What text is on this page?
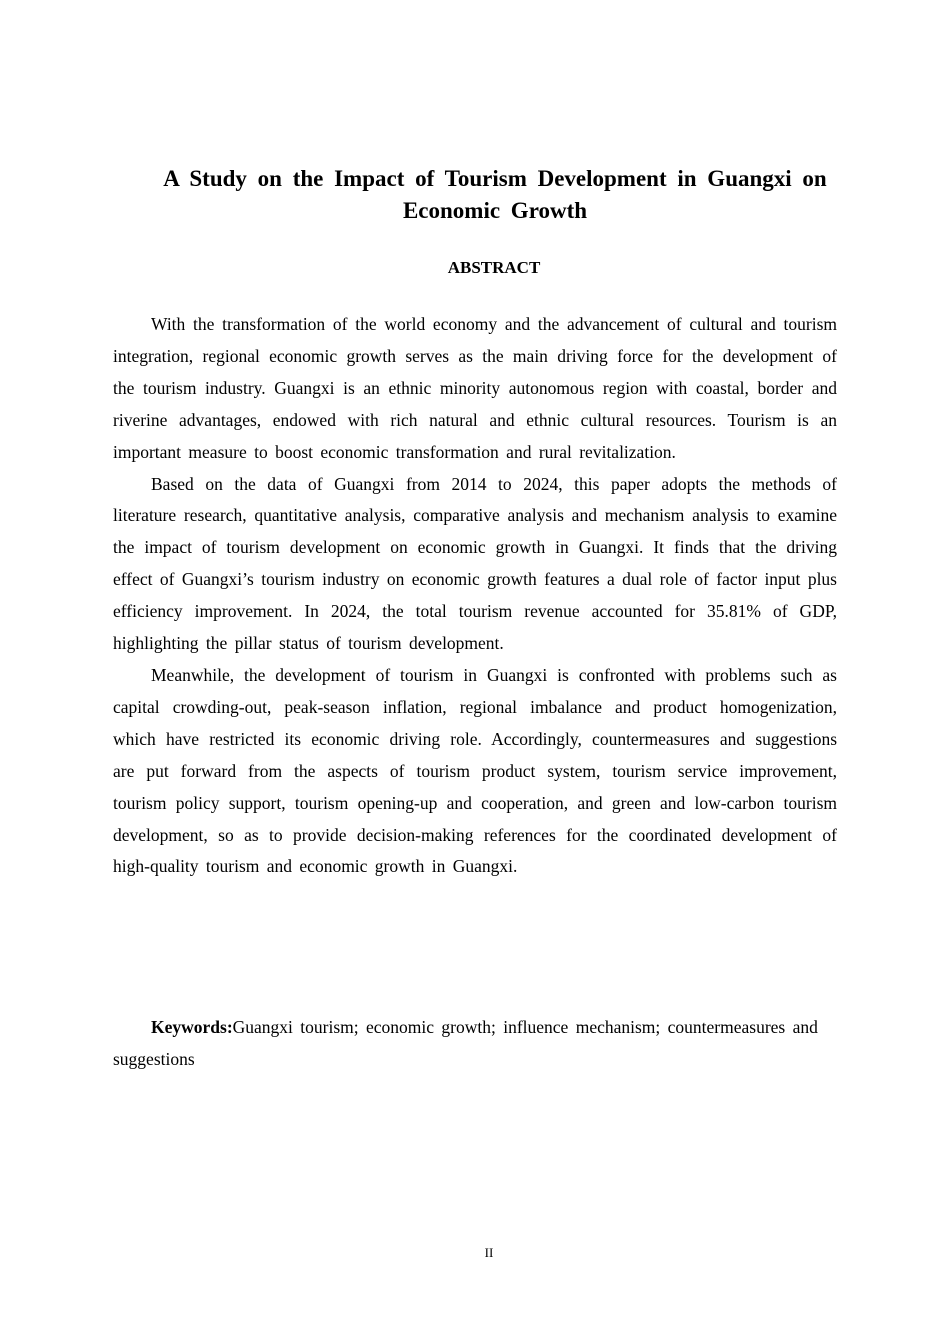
A Study on the Impact of Tourism Development in Guangxi on Economic Growth
ABSTRACT

With the transformation of the world economy and the advancement of cultural and tourism integration, regional economic growth serves as the main driving force for the development of the tourism industry. Guangxi is an ethnic minority autonomous region with coastal, border and riverine advantages, endowed with rich natural and ethnic cultural resources. Tourism is an important measure to boost economic transformation and rural revitalization.

Based on the data of Guangxi from 2014 to 2024, this paper adopts the methods of literature research, quantitative analysis, comparative analysis and mechanism analysis to examine the impact of tourism development on economic growth in Guangxi. It finds that the driving effect of Guangxi’s tourism industry on economic growth features a dual role of factor input plus efficiency improvement. In 2024, the total tourism revenue accounted for 35.81% of GDP, highlighting the pillar status of tourism development.

Meanwhile, the development of tourism in Guangxi is confronted with problems such as capital crowding-out, peak-season inflation, regional imbalance and product homogenization, which have restricted its economic driving role. Accordingly, countermeasures and suggestions are put forward from the aspects of tourism product system, tourism service improvement, tourism policy support, tourism opening-up and cooperation, and green and low-carbon tourism development, so as to provide decision-making references for the coordinated development of high-quality tourism and economic growth in Guangxi.

Keywords:Guangxi tourism; economic growth; influence mechanism; countermeasures and suggestions

II
